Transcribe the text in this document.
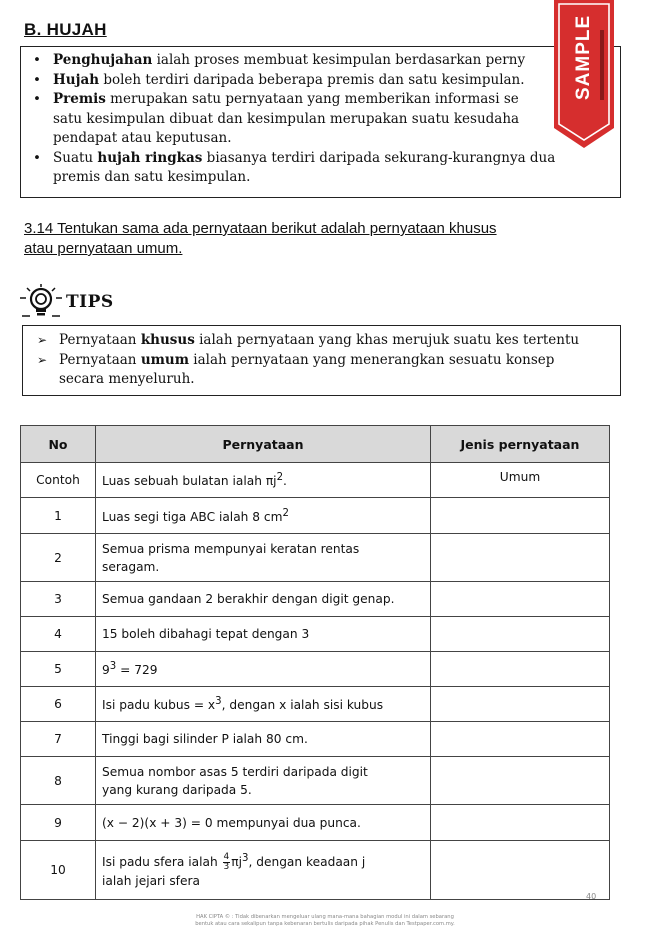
B. HUJAH
• Penghujahan ialah proses membuat kesimpulan berdasarkan perny
• Hujah boleh terdiri daripada beberapa premis dan satu kesimpulan.
• Premis merupakan satu pernyataan yang memberikan informasi se
satu kesimpulan dibuat dan kesimpulan merupakan suatu kesudaha
pendapat atau keputusan.
• Suatu hujah ringkas biasanya terdiri daripada sekurang-kurangnya dua
premis dan satu kesimpulan.
SAMPLE
3.14 Tentukan sama ada pernyataan berikut adalah pernyataan khusus
atau pernyataan umum.
TIPS
➢ Pernyataan khusus ialah pernyataan yang khas merujuk suatu kes tertentu
➢ Pernyataan umum ialah pernyataan yang menerangkan sesuatu konsep
secara menyeluruh.
No	Pernyataan	Jenis pernyataan
Contoh	Luas sebuah bulatan ialah $\pi j^2$.	Umum
1	Luas segi tiga ABC ialah 8 $cm^2$	
2	Semua prisma mempunyai keratan rentas
seragam.	
3	Semua gandaan 2 berakhir dengan digit genap.	
4	15 boleh dibahagi tepat dengan 3	
5	$9^3 = 729$	
6	Isi padu kubus = $x^3$, dengan x ialah sisi kubus	
7	Tinggi bagi silinder P ialah 80 cm.	
8	Semua nombor asas 5 terdiri daripada digit
yang kurang daripada 5.	
9	(x − 2)(x + 3) = 0 mempunyai dua punca.	
10	Isi padu sfera ialah $\frac{4}{3} \pi j^3$, dengan keadaan j
ialah jejari sfera	
40
HAK CIPTA © : Tidak dibenarkan mengeluar ulang mana-mana bahagian modul ini dalam sebarang
bentuk atau cara sekalipun tanpa kebenaran bertulis daripada pihak Penulis dan Testpaper.com.my.
